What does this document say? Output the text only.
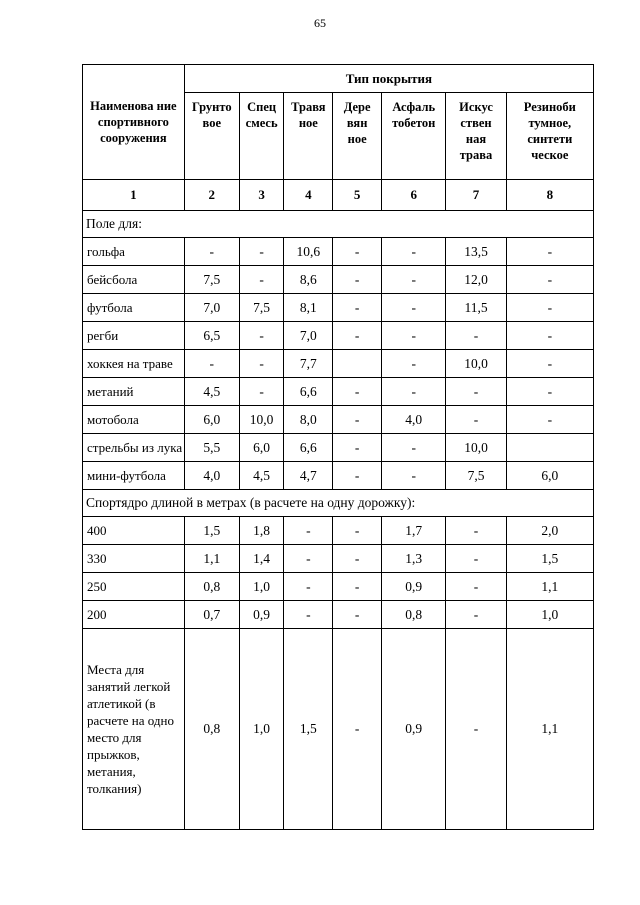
65
Наименова ние спортивного сооружения	Тип покрытия						
	Грунто вое	Спец смесь	Травя ное	Дере вян ное	Асфаль тобетон	Искус ствен ная трава	Резиноби тумное, синтети ческое
1	2	3	4	5	6	7	8
Поле для:							
гольфа	-	-	10,6	-	-	13,5	-
бейсбола	7,5	-	8,6	-	-	12,0	-
футбола	7,0	7,5	8,1	-	-	11,5	-
регби	6,5	-	7,0	-	-	-	-
хоккея на траве	-	-	7,7		-	10,0	-
метаний	4,5	-	6,6	-	-	-	-
мотобола	6,0	10,0	8,0	-	4,0	-	-
стрельбы из лука	5,5	6,0	6,6	-	-	10,0	
мини-футбола	4,0	4,5	4,7	-	-	7,5	6,0
Спортядро длиной в метрах (в расчете на одну дорожку):							
400	1,5	1,8	-	-	1,7	-	2,0
330	1,1	1,4	-	-	1,3	-	1,5
250	0,8	1,0	-	-	0,9	-	1,1
200	0,7	0,9	-	-	0,8	-	1,0
Места для занятий легкой атлетикой (в расчете на одно место для прыжков, метания, толкания)	0,8	1,0	1,5	-	0,9	-	1,1
